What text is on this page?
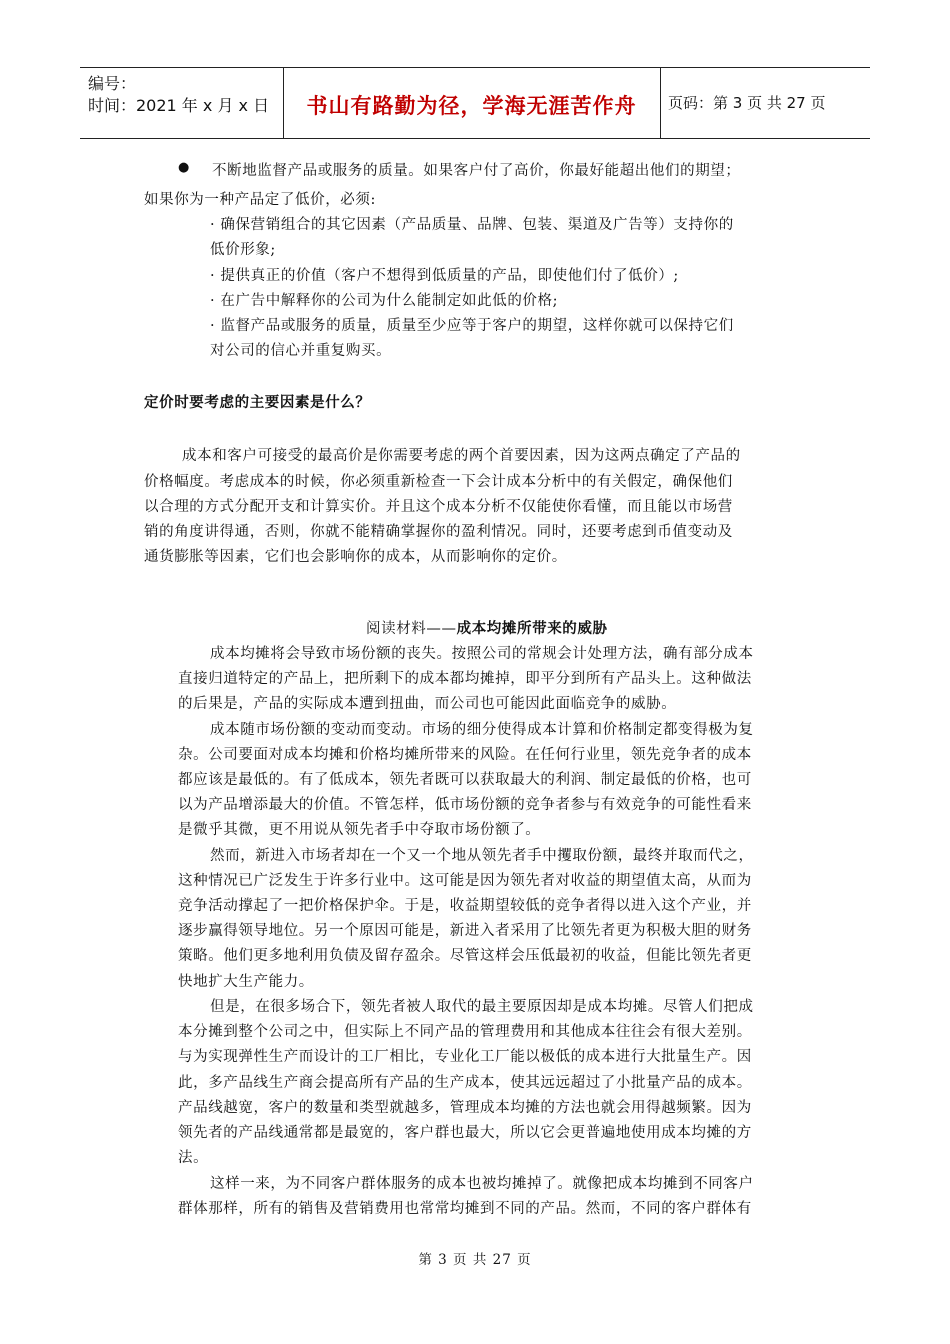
编号：
时间：2021 年 x 月 x 日	书山有路勤为径，学海无涯苦作舟	页码：第 3 页 共 27 页
● 不断地监督产品或服务的质量。如果客户付了高价，你最好能超出他们的期望；
如果你为一种产品定了低价，必须:
· 确保营销组合的其它因素（产品质量、品牌、包装、渠道及广告等）支持你的
低价形象;
· 提供真正的价值（客户不想得到低质量的产品，即使他们付了低价）;
· 在广告中解释你的公司为什么能制定如此低的价格;
· 监督产品或服务的质量，质量至少应等于客户的期望，这样你就可以保持它们
对公司的信心并重复购买。
定价时要考虑的主要因素是什么？
成本和客户可接受的最高价是你需要考虑的两个首要因素，因为这两点确定了产品的
价格幅度。考虑成本的时候，你必须重新检查一下会计成本分析中的有关假定，确保他们
以合理的方式分配开支和计算实价。并且这个成本分析不仅能使你看懂，而且能以市场营
销的角度讲得通，否则，你就不能精确掌握你的盈利情况。同时，还要考虑到币值变动及
通货膨胀等因素，它们也会影响你的成本，从而影响你的定价。
阅读材料——成本均摊所带来的威胁
成本均摊将会导致市场份额的丧失。按照公司的常规会计处理方法，确有部分成本
直接归道特定的产品上，把所剩下的成本都均摊掉，即平分到所有产品头上。这种做法
的后果是，产品的实际成本遭到扭曲，而公司也可能因此面临竞争的威胁。
成本随市场份额的变动而变动。市场的细分使得成本计算和价格制定都变得极为复
杂。公司要面对成本均摊和价格均摊所带来的风险。在任何行业里，领先竞争者的成本
都应该是最低的。有了低成本，领先者既可以获取最大的利润、制定最低的价格，也可
以为产品增添最大的价值。不管怎样，低市场份额的竞争者参与有效竞争的可能性看来
是微乎其微，更不用说从领先者手中夺取市场份额了。
然而，新进入市场者却在一个又一个地从领先者手中攫取份额，最终并取而代之，
这种情况已广泛发生于许多行业中。这可能是因为领先者对收益的期望值太高，从而为
竞争活动撑起了一把价格保护伞。于是，收益期望较低的竞争者得以进入这个产业，并
逐步赢得领导地位。另一个原因可能是，新进入者采用了比领先者更为积极大胆的财务
策略。他们更多地利用负债及留存盈余。尽管这样会压低最初的收益，但能比领先者更
快地扩大生产能力。
但是，在很多场合下，领先者被人取代的最主要原因却是成本均摊。尽管人们把成
本分摊到整个公司之中，但实际上不同产品的管理费用和其他成本往往会有很大差别。
与为实现弹性生产而设计的工厂相比，专业化工厂能以极低的成本进行大批量生产。因
此，多产品线生产商会提高所有产品的生产成本，使其远远超过了小批量产品的成本。
产品线越宽，客户的数量和类型就越多，管理成本均摊的方法也就会用得越频繁。因为
领先者的产品线通常都是最宽的，客户群也最大，所以它会更普遍地使用成本均摊的方
法。
这样一来，为不同客户群体服务的成本也被均摊掉了。就像把成本均摊到不同客户
群体那样，所有的销售及营销费用也常常均摊到不同的产品。然而，不同的客户群体有
第 3 页 共 27 页
